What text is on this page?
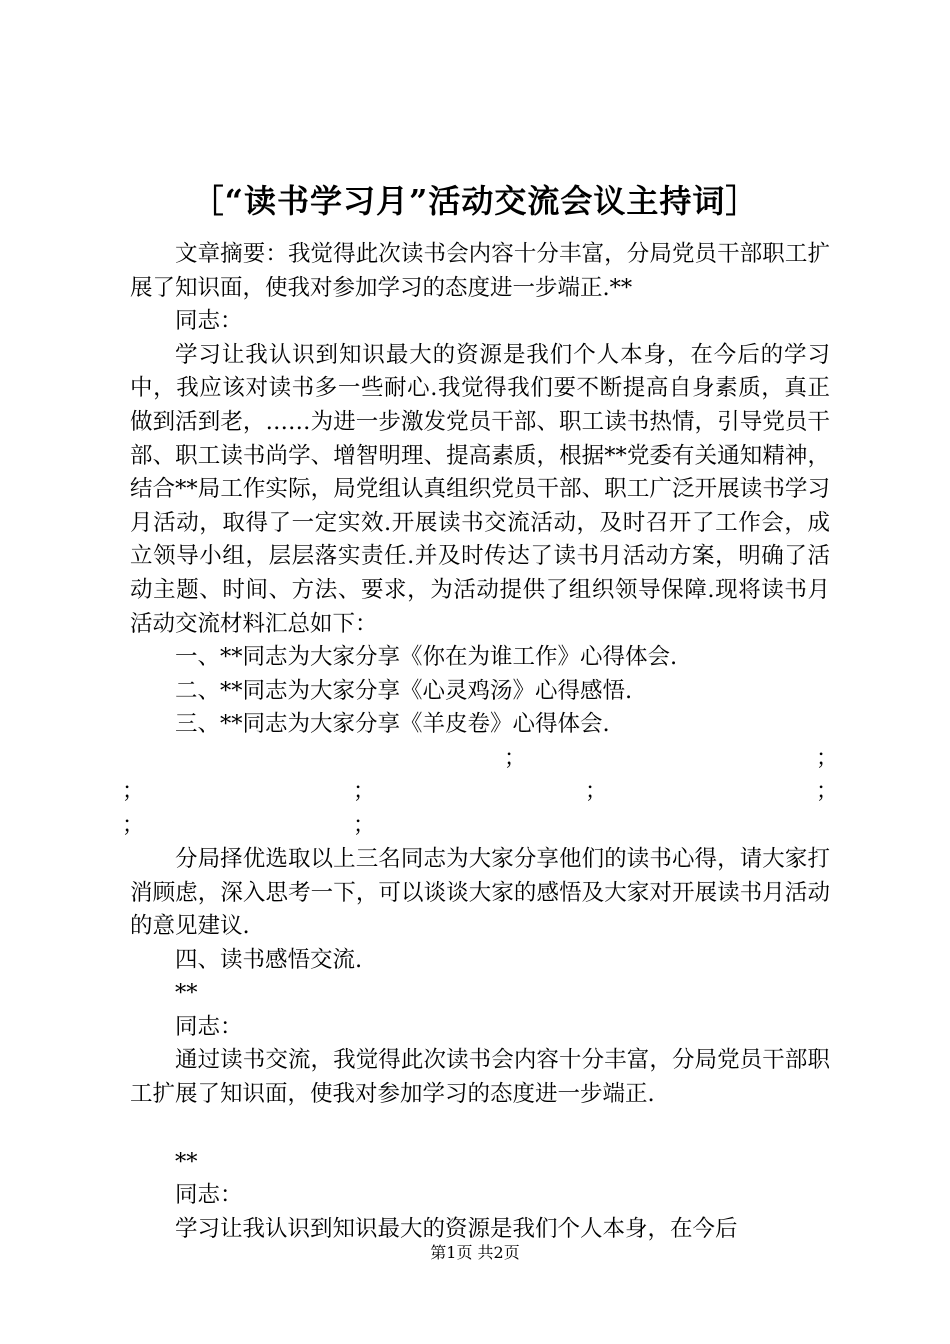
［“读书学习月”活动交流会议主持词］

文章摘要：我觉得此次读书会内容十分丰富，分局党员干部职工扩展了知识面，使我对参加学习的态度进一步端正.**

同志：

学习让我认识到知识最大的资源是我们个人本身，在今后的学习中，我应该对读书多一些耐心.我觉得我们要不断提高自身素质，真正做到活到老，……为进一步激发党员干部、职工读书热情，引导党员干部、职工读书尚学、增智明理、提高素质，根据**党委有关通知精神，结合**局工作实际，局党组认真组织党员干部、职工广泛开展读书学习月活动，取得了一定实效.开展读书交流活动，及时召开了工作会，成立领导小组，层层落实责任.并及时传达了读书月活动方案，明确了活动主题、时间、方法、要求，为活动提供了组织领导保障.现将读书月活动交流材料汇总如下：

一、**同志为大家分享《你在为谁工作》心得体会.

二、**同志为大家分享《心灵鸡汤》心得感悟.

三、**同志为大家分享《羊皮卷》心得体会.

；	；
；	；	；	；
；	；

分局择优选取以上三名同志为大家分享他们的读书心得，请大家打消顾虑，深入思考一下，可以谈谈大家的感悟及大家对开展读书月活动的意见建议.

四、读书感悟交流.

**

同志：

通过读书交流，我觉得此次读书会内容十分丰富，分局党员干部职工扩展了知识面，使我对参加学习的态度进一步端正.

**

同志：

学习让我认识到知识最大的资源是我们个人本身，在今后

第1页 共2页
